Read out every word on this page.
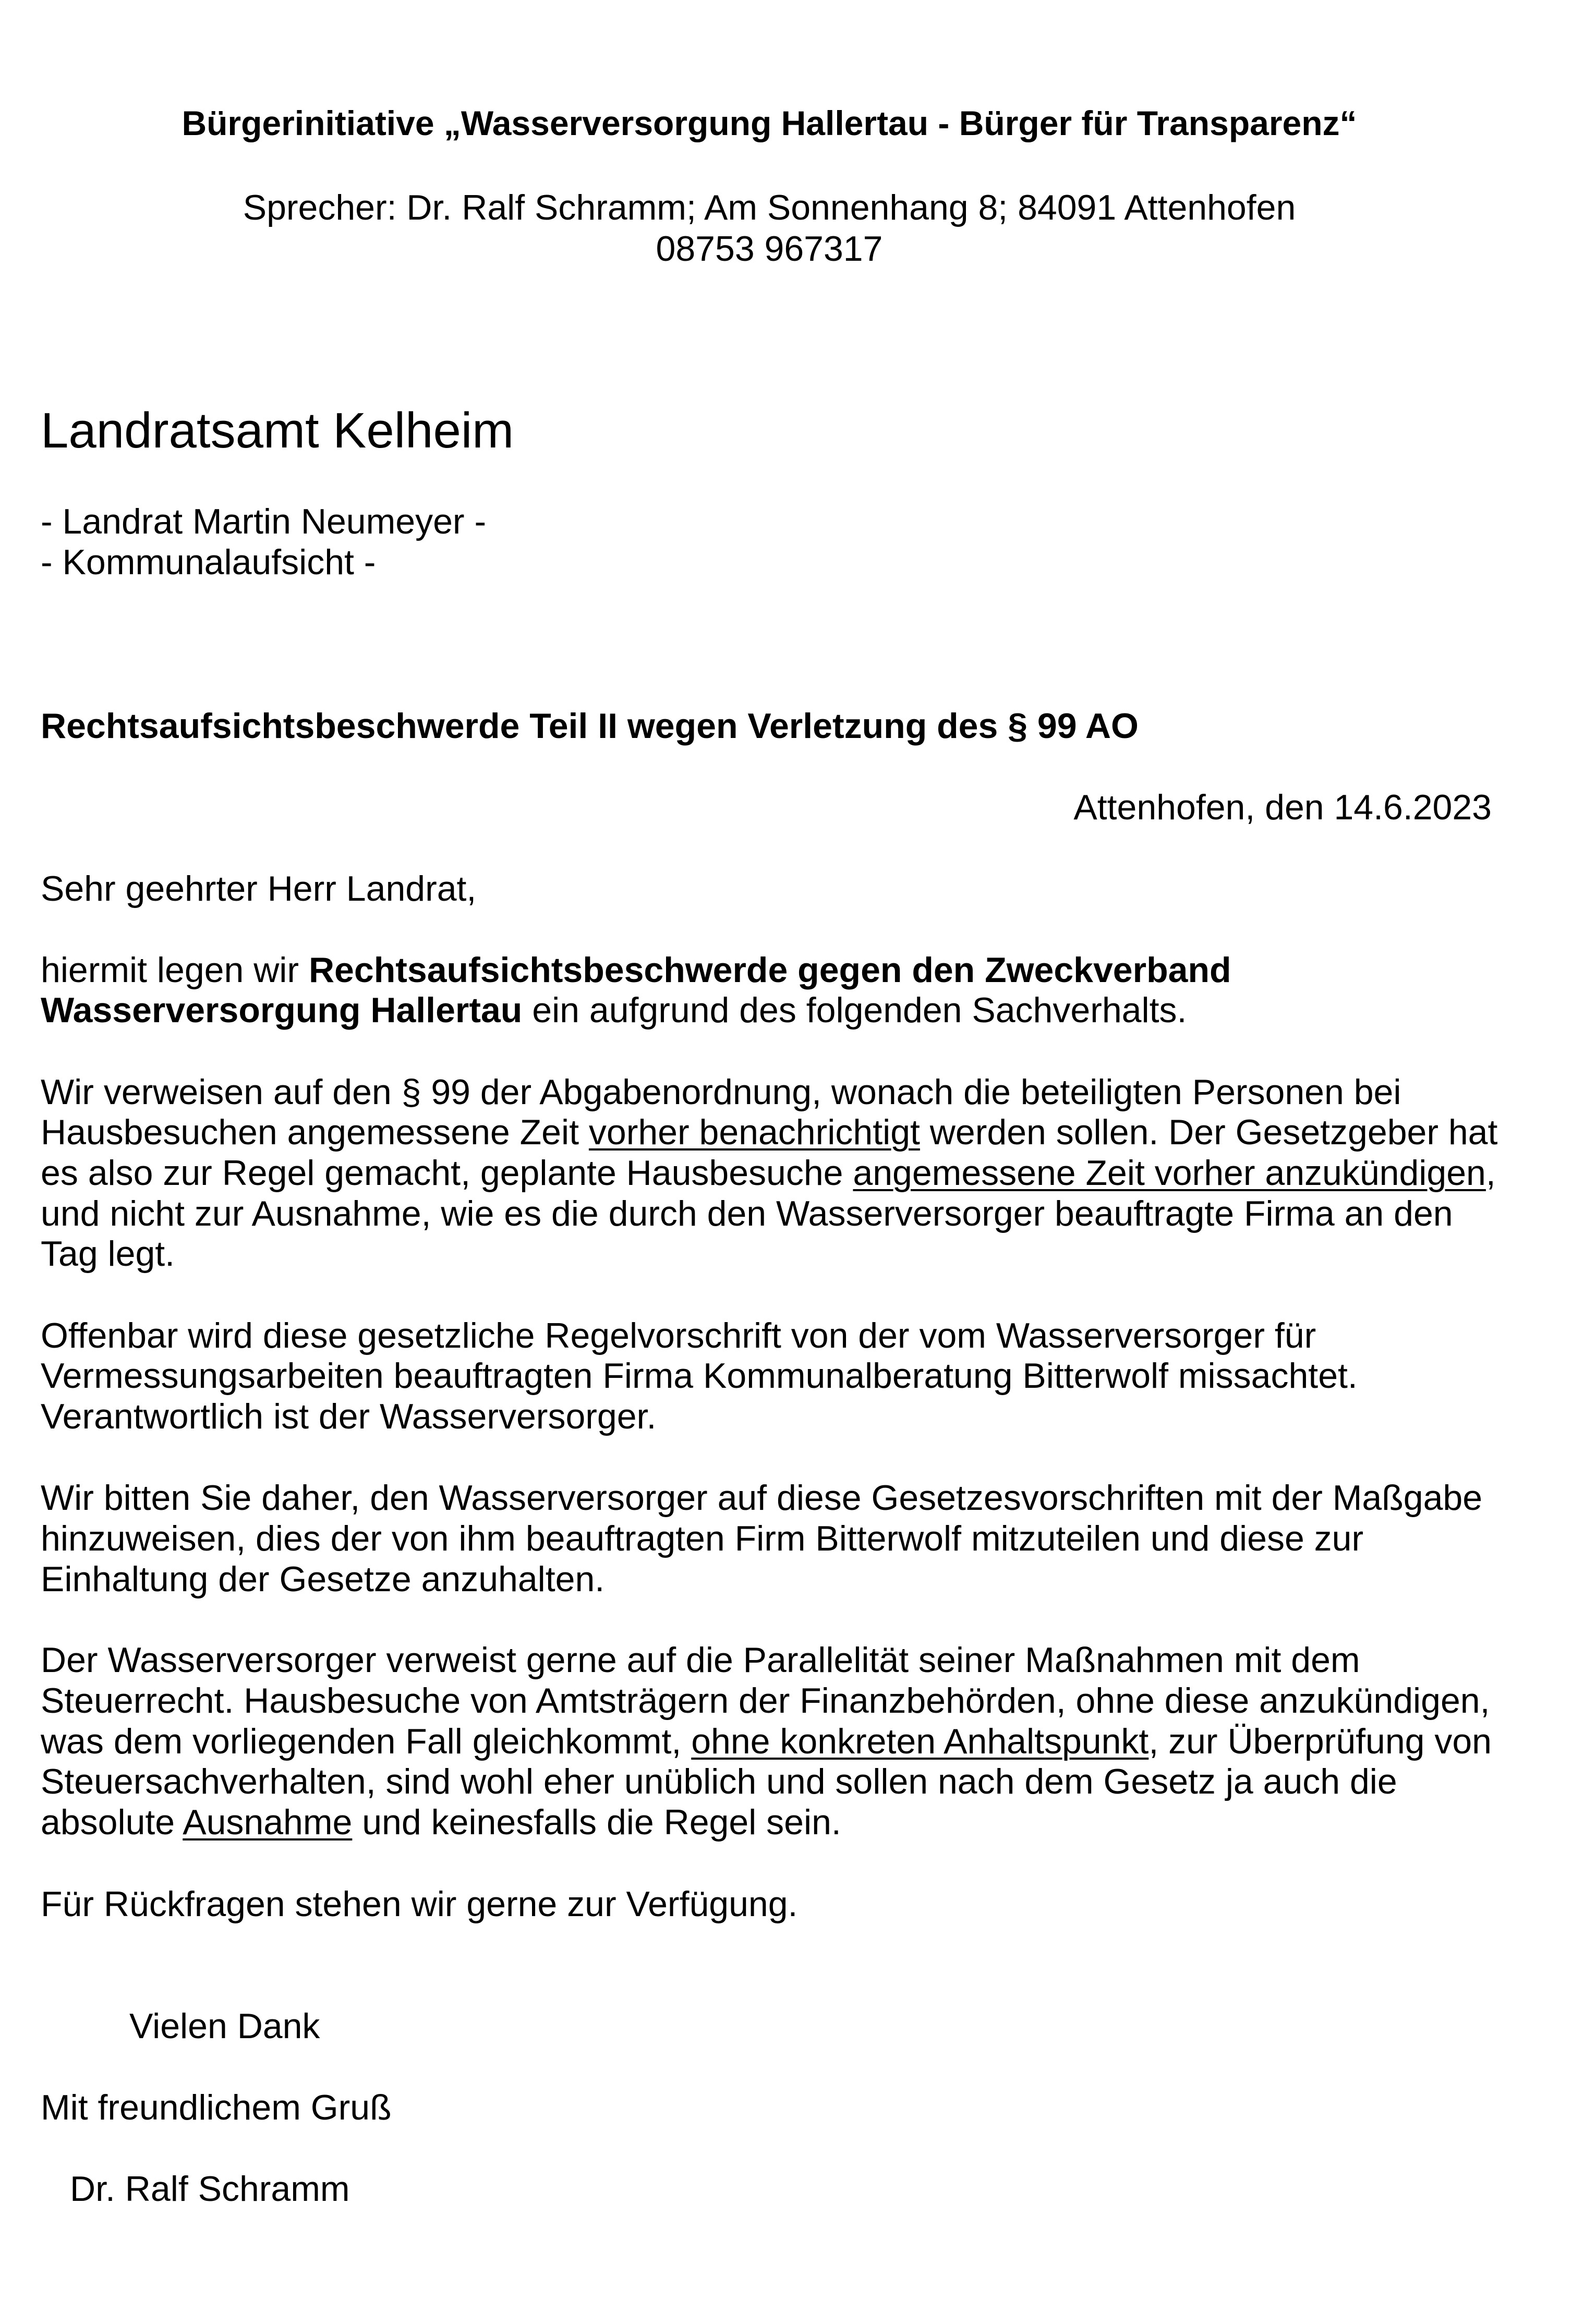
Bürgerinitiative „Wasserversorgung Hallertau - Bürger für Transparenz“
Sprecher: Dr. Ralf Schramm; Am Sonnenhang 8; 84091 Attenhofen
08753 967317
Landratsamt Kelheim
- Landrat Martin Neumeyer -
- Kommunalaufsicht -
Rechtsaufsichtsbeschwerde Teil II wegen Verletzung des § 99 AO
Attenhofen, den 14.6.2023
Sehr geehrter Herr Landrat,
hiermit legen wir Rechtsaufsichtsbeschwerde gegen den Zweckverband
Wasserversorgung Hallertau ein aufgrund des folgenden Sachverhalts.
Wir verweisen auf den § 99 der Abgabenordnung, wonach die beteiligten Personen bei
Hausbesuchen angemessene Zeit vorher benachrichtigt werden sollen. Der Gesetzgeber hat
es also zur Regel gemacht, geplante Hausbesuche angemessene Zeit vorher anzukündigen,
und nicht zur Ausnahme, wie es die durch den Wasserversorger beauftragte Firma an den
Tag legt.
Offenbar wird diese gesetzliche Regelvorschrift von der vom Wasserversorger für
Vermessungsarbeiten beauftragten Firma Kommunalberatung Bitterwolf missachtet.
Verantwortlich ist der Wasserversorger.
Wir bitten Sie daher, den Wasserversorger auf diese Gesetzesvorschriften mit der Maßgabe
hinzuweisen, dies der von ihm beauftragten Firm Bitterwolf mitzuteilen und diese zur
Einhaltung der Gesetze anzuhalten.
Der Wasserversorger verweist gerne auf die Parallelität seiner Maßnahmen mit dem
Steuerrecht. Hausbesuche von Amtsträgern der Finanzbehörden, ohne diese anzukündigen,
was dem vorliegenden Fall gleichkommt, ohne konkreten Anhaltspunkt, zur Überprüfung von
Steuersachverhalten, sind wohl eher unüblich und sollen nach dem Gesetz ja auch die
absolute Ausnahme und keinesfalls die Regel sein.
Für Rückfragen stehen wir gerne zur Verfügung.
Vielen Dank
Mit freundlichem Gruß
Dr. Ralf Schramm
